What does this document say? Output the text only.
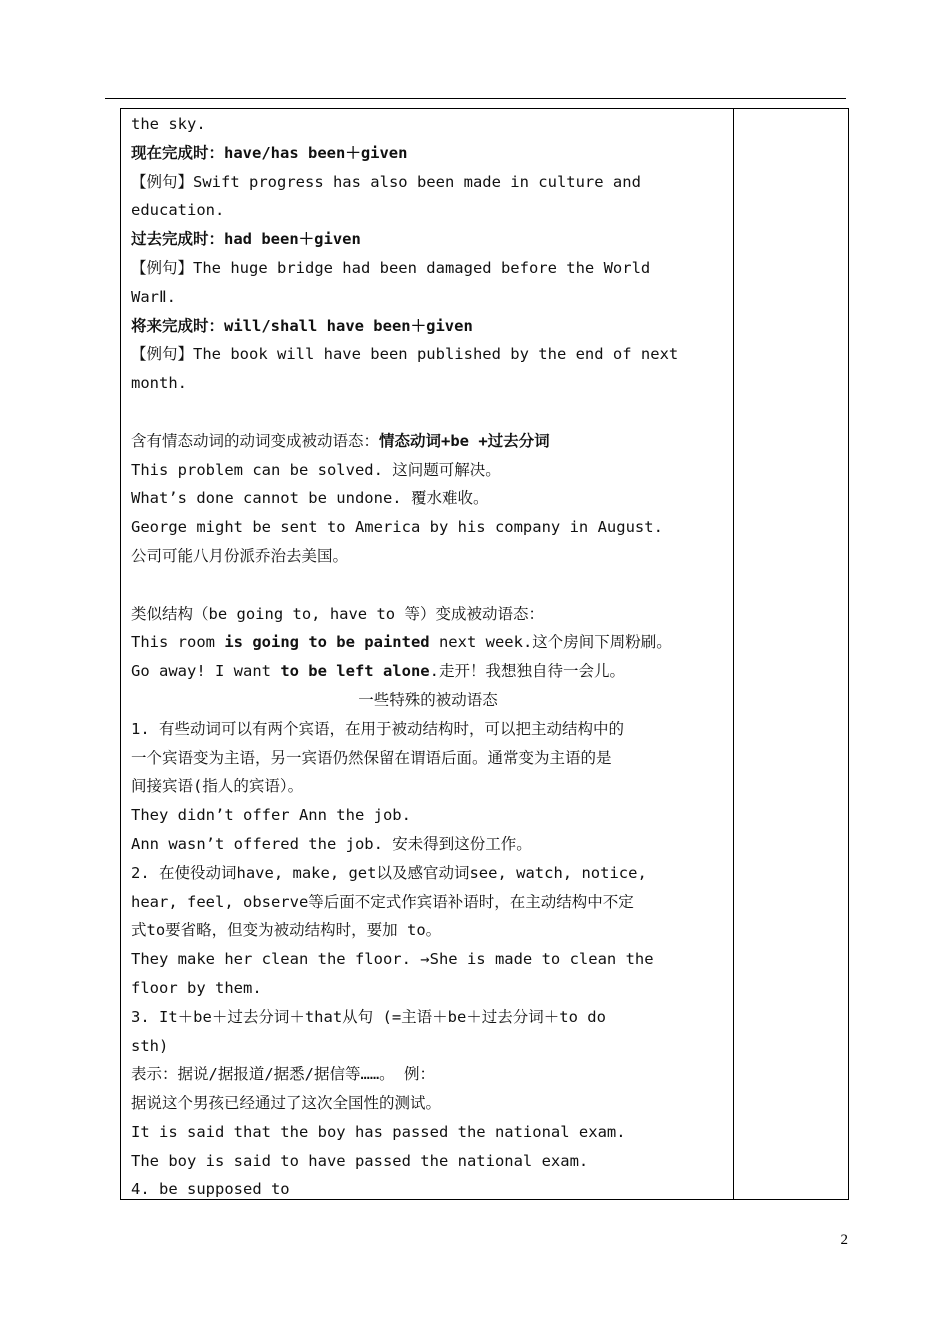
the sky.
现在完成时：have/has been＋given
【例句】Swift progress has also been made in culture and
education.
过去完成时：had been＋given
【例句】The huge bridge had been damaged before the World
WarⅡ.
将来完成时：will/shall have been＋given
【例句】The book will have been published by the end of next
month.
含有情态动词的动词变成被动语态：情态动词+be +过去分词
This problem can be solved. 这问题可解决。
What’s done cannot be undone. 覆水难收。
George might be sent to America by his company in August.
公司可能八月份派乔治去美国。
类似结构（be going to, have to 等）变成被动语态：
This room is going to be painted next week.这个房间下周粉刷。
Go away! I want to be left alone.走开！我想独自待一会儿。
一些特殊的被动语态
1. 有些动词可以有两个宾语，在用于被动结构时，可以把主动结构中的
一个宾语变为主语，另一宾语仍然保留在谓语后面。通常变为主语的是
间接宾语(指人的宾语）。
They didn’t offer Ann the job.
Ann wasn’t offered the job. 安未得到这份工作。
2. 在使役动词have, make, get以及感官动词see, watch, notice,
hear, feel, observe等后面不定式作宾语补语时，在主动结构中不定
式to要省略，但变为被动结构时，要加 to。
They make her clean the floor. →She is made to clean the
floor by them.
3. It＋be＋过去分词＋that从句 (=主语＋be＋过去分词＋to do
sth)
表示：据说/据报道/据悉/据信等……。 例：
据说这个男孩已经通过了这次全国性的测试。
It is said that the boy has passed the national exam.
The boy is said to have passed the national exam.
4. be supposed to
2
